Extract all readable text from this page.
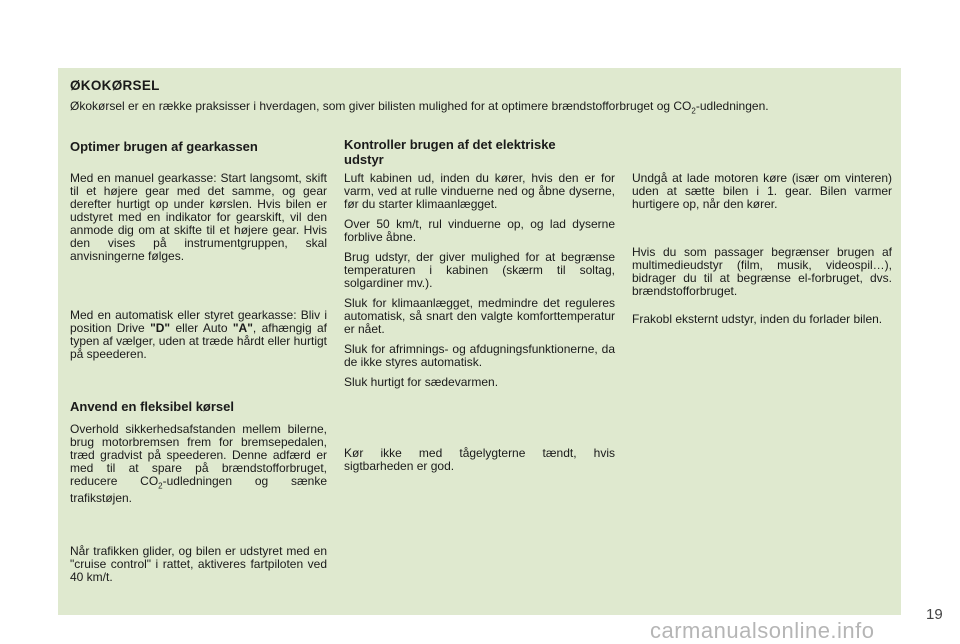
ØKOKØRSEL
Økokørsel er en række praksisser i hverdagen, som giver bilisten mulighed for at optimere brændstofforbruget og $CO_2$-udledningen.
Optimer brugen af gearkassen

Med en manuel gearkasse: Start langsomt, skift til et højere gear med det samme, og gear derefter hurtigt op under kørslen. Hvis bilen er udstyret med en indikator for gearskift, vil den anmode dig om at skifte til et højere gear. Hvis den vises på instrumentgruppen, skal anvisningerne følges.

Med en automatisk eller styret gearkasse: Bliv i position Drive "D" eller Auto "A", afhængig af typen af vælger, uden at træde hårdt eller hurtigt på speederen.

Anvend en fleksibel kørsel

Overhold sikkerhedsafstanden mellem bilerne, brug motorbremsen frem for bremsepedalen, træd gradvist på speederen. Denne adfærd er med til at spare på brændstofforbruget, reducere $CO_2$-udledningen og sænke trafikstøjen.

Når trafikken glider, og bilen er udstyret med en "cruise control" i rattet, aktiveres fartpiloten ved 40 km/t.

Kontroller brugen af det elektriske udstyr

Luft kabinen ud, inden du kører, hvis den er for varm, ved at rulle vinduerne ned og åbne dyserne, før du starter klimaanlægget.

Over 50 km/t, rul vinduerne op, og lad dyserne forblive åbne.

Brug udstyr, der giver mulighed for at begrænse temperaturen i kabinen (skærm til soltag, solgardiner mv.).

Sluk for klimaanlægget, medmindre det reguleres automatisk, så snart den valgte komforttemperatur er nået.

Sluk for afrimnings- og afdugningsfunktionerne, da de ikke styres automatisk.

Sluk hurtigt for sædevarmen.

Kør ikke med tågelygterne tændt, hvis sigtbarheden er god.

Undgå at lade motoren køre (især om vinteren) uden at sætte bilen i 1. gear. Bilen varmer hurtigere op, når den kører.

Hvis du som passager begrænser brugen af multimedieudstyr (film, musik, videospil…), bidrager du til at begrænse el-forbruget, dvs. brændstofforbruget.

Frakobl eksternt udstyr, inden du forlader bilen.

19
carmanualsonline.info
